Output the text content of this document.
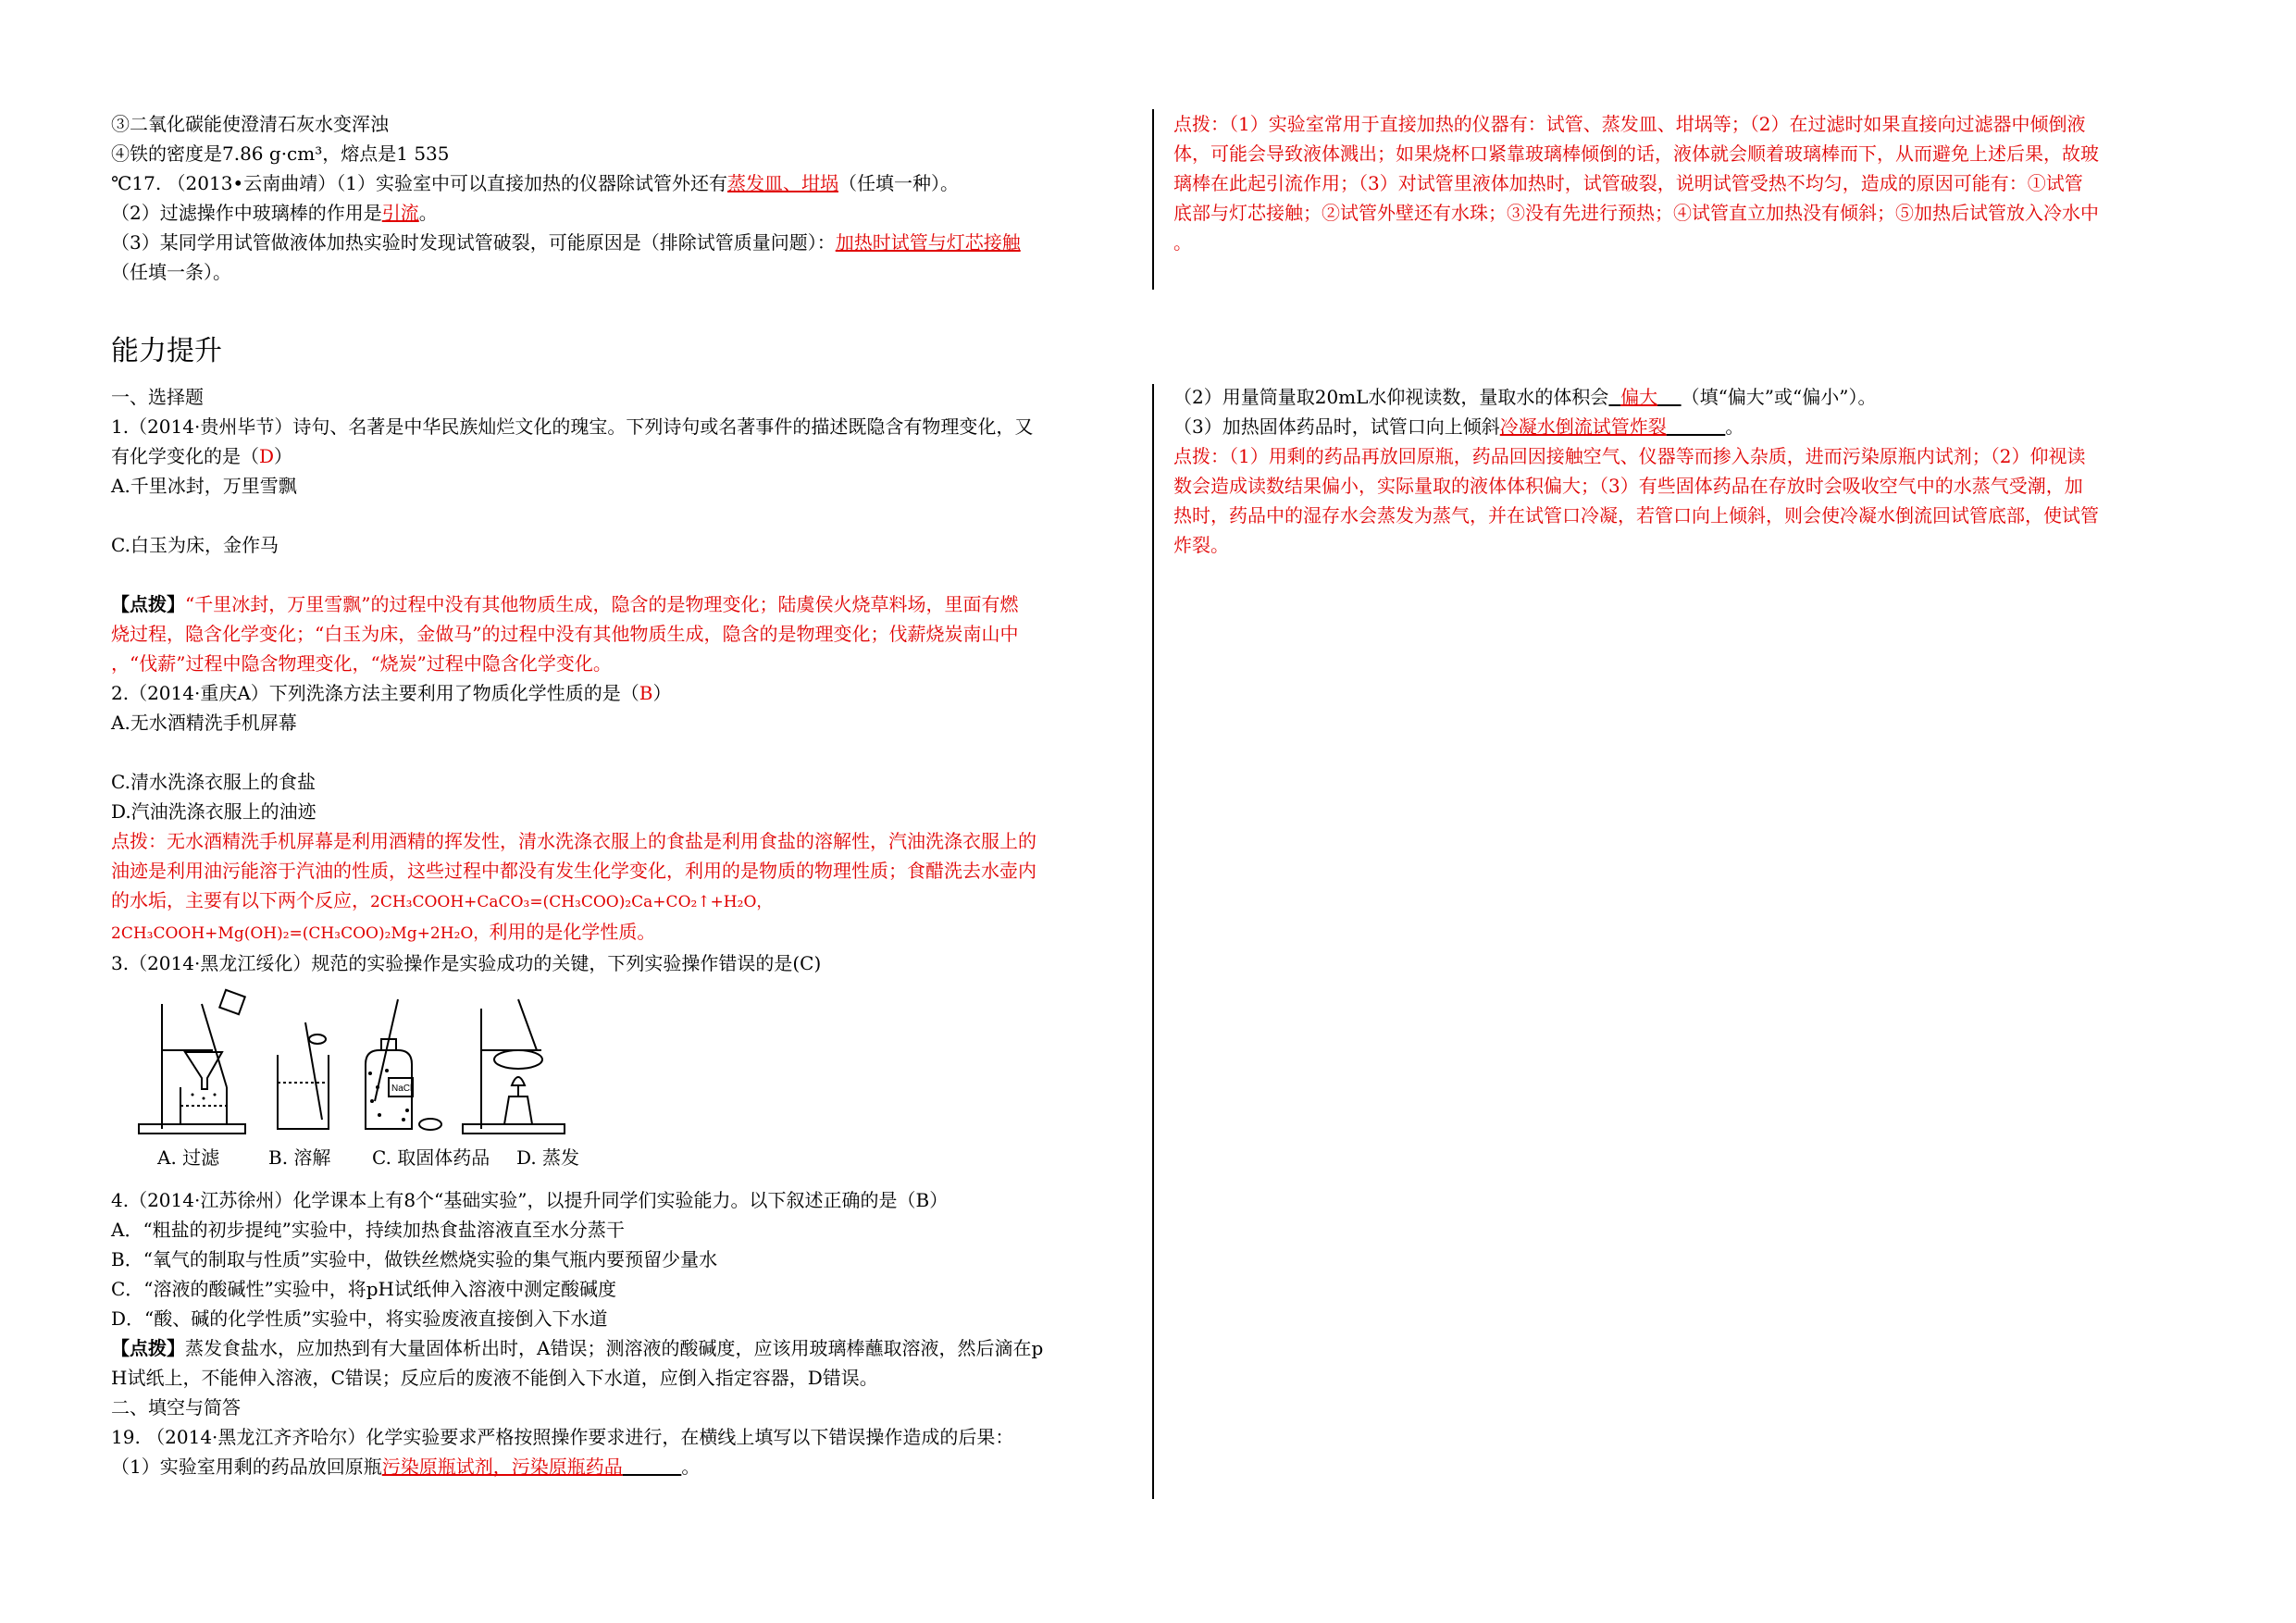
③二氧化碳能使澄清石灰水变浑浊

④铁的密度是7.86 g·cm³，熔点是1 535

℃17. （2013•云南曲靖）（1）实验室中可以直接加热的仪器除试管外还有蒸发皿、坩埚（任填一种）。

（2）过滤操作中玻璃棒的作用是引流。

（3）某同学用试管做液体加热实验时发现试管破裂，可能原因是（排除试管质量问题）：加热时试管与灯芯接触

（任填一条）。

点拨：（1）实验室常用于直接加热的仪器有：试管、蒸发皿、坩埚等；（2）在过滤时如果直接向过滤器中倾倒液

体，可能会导致液体溅出；如果烧杯口紧靠玻璃棒倾倒的话，液体就会顺着玻璃棒而下，从而避免上述后果，故玻

璃棒在此起引流作用；（3）对试管里液体加热时，试管破裂，说明试管受热不均匀，造成的原因可能有：①试管

底部与灯芯接触；②试管外壁还有水珠；③没有先进行预热；④试管直立加热没有倾斜；⑤加热后试管放入冷水中

。

能力提升

一、选择题

1.（2014·贵州毕节）诗句、名著是中华民族灿烂文化的瑰宝。下列诗句或名著事件的描述既隐含有物理变化，又

有化学变化的是（D）

A.千里冰封，万里雪飘

C.白玉为床，金作马

【点拨】“千里冰封，万里雪飘”的过程中没有其他物质生成，隐含的是物理变化；陆虞侯火烧草料场，里面有燃

烧过程，隐含化学变化；“白玉为床，金做马”的过程中没有其他物质生成，隐含的是物理变化；伐薪烧炭南山中

，“伐薪”过程中隐含物理变化，“烧炭”过程中隐含化学变化。

2.（2014·重庆A）下列洗涤方法主要利用了物质化学性质的是（B）

A.无水酒精洗手机屏幕

C.清水洗涤衣服上的食盐

D.汽油洗涤衣服上的油迹

点拨：无水酒精洗手机屏幕是利用酒精的挥发性，清水洗涤衣服上的食盐是利用食盐的溶解性，汽油洗涤衣服上的

油迹是利用油污能溶于汽油的性质，这些过程中都没有发生化学变化，利用的是物质的物理性质；食醋洗去水壶内

的水垢，主要有以下两个反应，2CH₃COOH+CaCO₃=(CH₃COO)₂Ca+CO₂↑+H₂O，

2CH₃COOH+Mg(OH)₂=(CH₃COO)₂Mg+2H₂O，利用的是化学性质。

3.（2014·黑龙江绥化）规范的实验操作是实验成功的关键，下列实验操作错误的是(C)

NaCl
A. 过滤	B. 溶解 C. 取固体药品 D. 蒸发

4.（2014·江苏徐州）化学课本上有8个“基础实验”，以提升同学们实验能力。以下叙述正确的是（B）

A．“粗盐的初步提纯”实验中，持续加热食盐溶液直至水分蒸干

B．“氧气的制取与性质”实验中，做铁丝燃烧实验的集气瓶内要预留少量水

C．“溶液的酸碱性”实验中，将pH试纸伸入溶液中测定酸碱度

D．“酸、碱的化学性质”实验中，将实验废液直接倒入下水道

【点拨】蒸发食盐水，应加热到有大量固体析出时，A错误；测溶液的酸碱度，应该用玻璃棒蘸取溶液，然后滴在p

H试纸上，不能伸入溶液，C错误；反应后的废液不能倒入下水道，应倒入指定容器，D错误。

二、填空与简答

19. （2014·黑龙江齐齐哈尔）化学实验要求严格按照操作要求进行，在横线上填写以下错误操作造成的后果：

（1）实验室用剩的药品放回原瓶污染原瓶试剂，污染原瓶药品	。

（2）用量筒量取20mL水仰视读数，量取水的体积会 偏大 （填“偏大”或“偏小”）。

（3）加热固体药品时，试管口向上倾斜冷凝水倒流试管炸裂	。

点拨：（1）用剩的药品再放回原瓶，药品回因接触空气、仪器等而掺入杂质，进而污染原瓶内试剂；（2）仰视读

数会造成读数结果偏小，实际量取的液体体积偏大；（3）有些固体药品在存放时会吸收空气中的水蒸气受潮，加

热时，药品中的湿存水会蒸发为蒸气，并在试管口冷凝，若管口向上倾斜，则会使冷凝水倒流回试管底部，使试管

炸裂。
